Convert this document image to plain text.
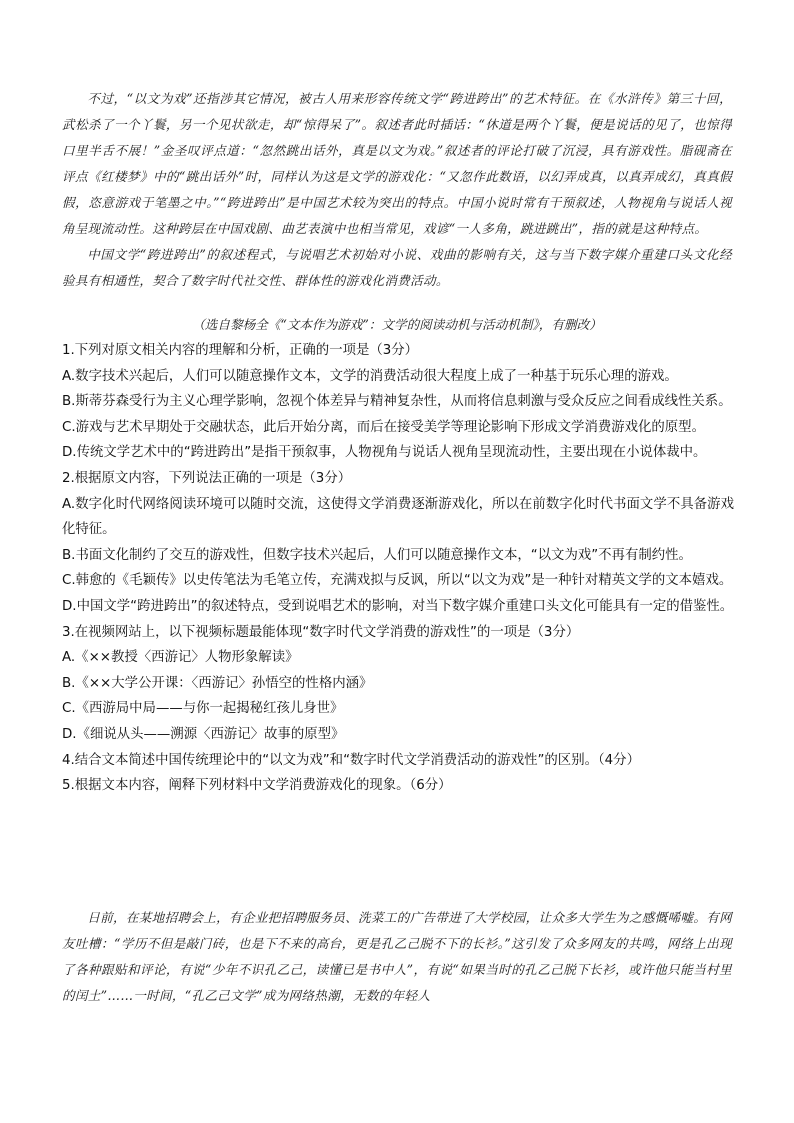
不过，“以文为戏”还指涉其它情况，被古人用来形容传统文学“跨进跨出”的艺术特征。在《水浒传》第三十回，武松杀了一个丫鬟，另一个见状欲走，却“惊得呆了”。叙述者此时插话：“休道是两个丫鬟，便是说话的见了，也惊得口里半舌不展！”金圣叹评点道：“忽然跳出话外，真是以文为戏。”叙述者的评论打破了沉浸，具有游戏性。脂砚斋在评点《红楼梦》中的“跳出话外”时，同样认为这是文学的游戏化：“又忽作此数语，以幻弄成真，以真弄成幻，真真假假，恣意游戏于笔墨之中。”“跨进跨出”是中国艺术较为突出的特点。中国小说时常有干预叙述，人物视角与说话人视角呈现流动性。这种跨层在中国戏剧、曲艺表演中也相当常见，戏谚“一人多角，跳进跳出”，指的就是这种特点。

中国文学“跨进跨出”的叙述程式，与说唱艺术初始对小说、戏曲的影响有关，这与当下数字媒介重建口头文化经验具有相通性，契合了数字时代社交性、群体性的游戏化消费活动。

（选自黎杨全《“文本作为游戏”：文学的阅读动机与活动机制》，有删改）

1.下列对原文相关内容的理解和分析，正确的一项是（3分）

A.数字技术兴起后，人们可以随意操作文本，文学的消费活动很大程度上成了一种基于玩乐心理的游戏。

B.斯蒂芬森受行为主义心理学影响，忽视个体差异与精神复杂性，从而将信息刺激与受众反应之间看成线性关系。

C.游戏与艺术早期处于交融状态，此后开始分离，而后在接受美学等理论影响下形成文学消费游戏化的原型。

D.传统文学艺术中的“跨进跨出”是指干预叙事，人物视角与说话人视角呈现流动性，主要出现在小说体裁中。

2.根据原文内容，下列说法正确的一项是（3分）

A.数字化时代网络阅读环境可以随时交流，这使得文学消费逐渐游戏化，所以在前数字化时代书面文学不具备游戏化特征。

B.书面文化制约了交互的游戏性，但数字技术兴起后，人们可以随意操作文本，“以文为戏”不再有制约性。

C.韩愈的《毛颖传》以史传笔法为毛笔立传，充满戏拟与反讽，所以“以文为戏”是一种针对精英文学的文本嬉戏。

D.中国文学“跨进跨出”的叙述特点，受到说唱艺术的影响，对当下数字媒介重建口头文化可能具有一定的借鉴性。

3.在视频网站上，以下视频标题最能体现“数字时代文学消费的游戏性”的一项是（3分）

A.《××教授〈西游记〉人物形象解读》

B.《××大学公开课：〈西游记〉孙悟空的性格内涵》

C.《西游局中局——与你一起揭秘红孩儿身世》

D.《细说从头——溯源〈西游记〉故事的原型》

4.结合文本简述中国传统理论中的“以文为戏”和“数字时代文学消费活动的游戏性”的区别。（4分）

5.根据文本内容，阐释下列材料中文学消费游戏化的现象。（6分）

日前，在某地招聘会上，有企业把招聘服务员、洗菜工的广告带进了大学校园，让众多大学生为之感慨唏嘘。有网友吐槽：“学历不但是敲门砖，也是下不来的高台，更是孔乙己脱不下的长衫。”这引发了众多网友的共鸣，网络上出现了各种跟贴和评论，有说“少年不识孔乙己，读懂已是书中人”，有说“如果当时的孔乙己脱下长衫，或许他只能当村里的闰土”……一时间，“孔乙己文学”成为网络热潮，无数的年轻人
